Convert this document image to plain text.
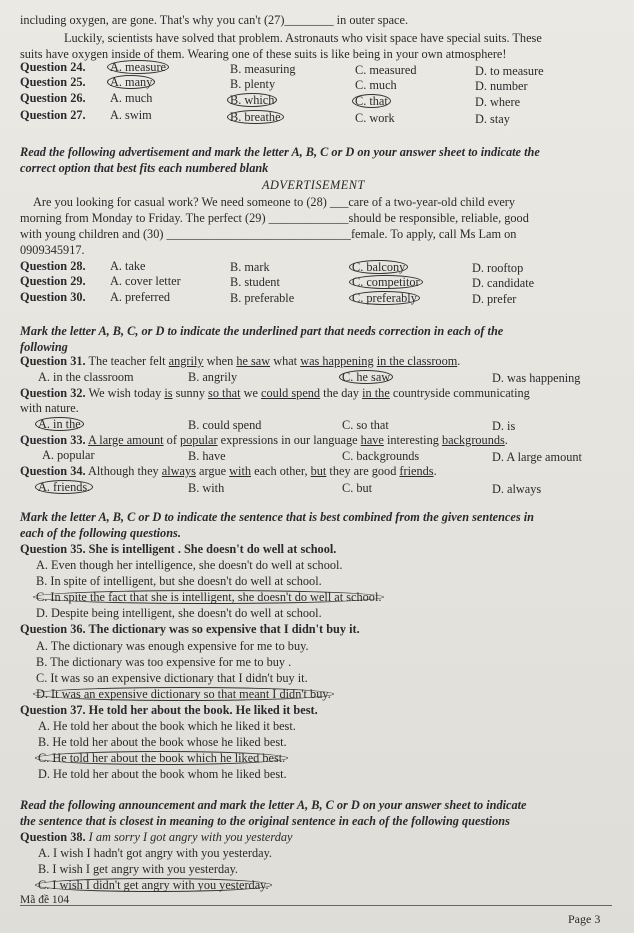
including oxygen, are gone. That's why you can't (27)________ in outer space.
Luckily, scientists have solved that problem. Astronauts who visit space have special suits. These
suits have oxygen inside of them. Wearing one of these suits is like being in your own atmosphere!
Question 24. A. measure	B. measuring	C. measured	D. to measure
Question 25. A. many	B. plenty	C. much	D. number
Question 26. A. much	B. which	C. that	D. where
Question 27. A. swim	B. breathe	C. work	D. stay
Read the following advertisement and mark the letter A, B, C or D on your answer sheet to indicate the
correct option that best fits each numbered blank
ADVERTISEMENT
Are you looking for casual work? We need someone to (28) ___care of a two-year-old child every
morning from Monday to Friday. The perfect (29) _____________should be responsible, reliable, good
with young children and (30) ______________________________female. To apply, call Ms Lam on
0909345917.
Question 28. A. take	B. mark	C. balcony	D. rooftop
Question 29. A. cover letter	B. student	C. competitor	D. candidate
Question 30. A. preferred	B. preferable	C. preferably	D. prefer
Mark the letter A, B, C, or D to indicate the underlined part that needs correction in each of the
following
Question 31. The teacher felt angrily when he saw what was happening in the classroom.
A. in the classroom	B. angrily	C. he saw	D. was happening
Question 32. We wish today is sunny so that we could spend the day in the countryside communicating
with nature.
A. in the	B. could spend	C. so that	D. is
Question 33. A large amount of popular expressions in our language have interesting backgrounds.
A. popular	B. have	C. backgrounds	D. A large amount
Question 34. Although they always argue with each other, but they are good friends.
A. friends.	B. with	C. but	D. always
Mark the letter A, B, C or D to indicate the sentence that is best combined from the given sentences in
each of the following questions.
Question 35. She is intelligent . She doesn't do well at school.
A. Even though her intelligence, she doesn't do well at school.
B. In spite of intelligent, but she doesn't do well at school.
C. In spite the fact that she is intelligent, she doesn't do well at school.
D. Despite being intelligent, she doesn't do well at school.
Question 36. The dictionary was so expensive that I didn't buy it.
A. The dictionary was enough expensive for me to buy.
B. The dictionary was too expensive for me to buy .
C. It was so an expensive dictionary that I didn't buy it.
D. It was an expensive dictionary so that meant I didn't buy.
Question 37. He told her about the book. He liked it best.
A. He told her about the book which he liked it best.
B. He told her about the book whose he liked best.
C. He told her about the book which he liked best.
D. He told her about the book whom he liked best.
Read the following announcement and mark the letter A, B, C or D on your answer sheet to indicate
the sentence that is closest in meaning to the original sentence in each of the following questions
Question 38. I am sorry I got angry with you yesterday
A. I wish I hadn't got angry with you yesterday.
B. I wish I get angry with you yesterday.
C. I wish I didn't get angry with you yesterday.
Mã đề 104
Page 3
